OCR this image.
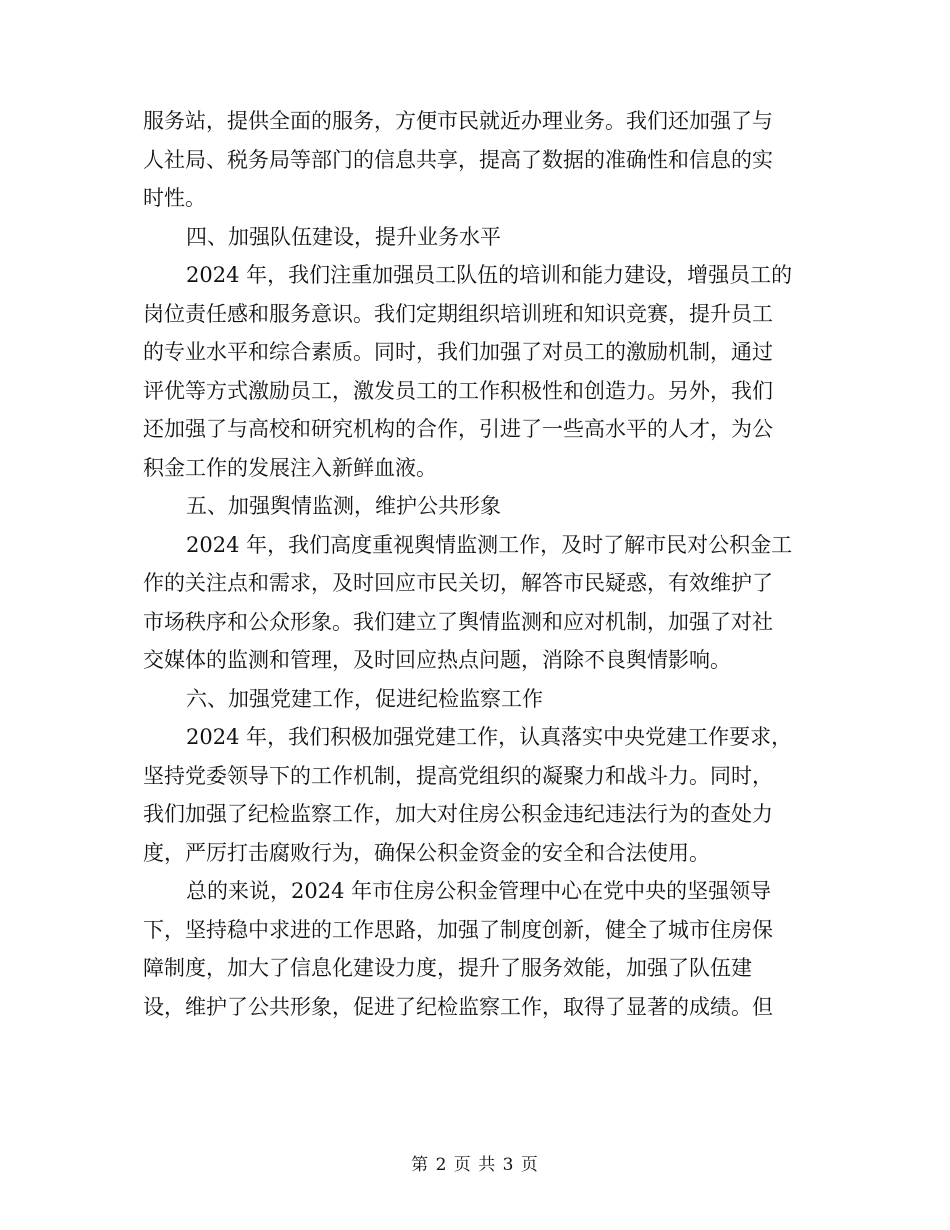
服务站，提供全面的服务，方便市民就近办理业务。我们还加强了与
人社局、税务局等部门的信息共享，提高了数据的准确性和信息的实
时性。
四、加强队伍建设，提升业务水平
2024 年，我们注重加强员工队伍的培训和能力建设，增强员工的
岗位责任感和服务意识。我们定期组织培训班和知识竞赛，提升员工
的专业水平和综合素质。同时，我们加强了对员工的激励机制，通过
评优等方式激励员工，激发员工的工作积极性和创造力。另外，我们
还加强了与高校和研究机构的合作，引进了一些高水平的人才，为公
积金工作的发展注入新鲜血液。
五、加强舆情监测，维护公共形象
2024 年，我们高度重视舆情监测工作，及时了解市民对公积金工
作的关注点和需求，及时回应市民关切，解答市民疑惑，有效维护了
市场秩序和公众形象。我们建立了舆情监测和应对机制，加强了对社
交媒体的监测和管理，及时回应热点问题，消除不良舆情影响。
六、加强党建工作，促进纪检监察工作
2024 年，我们积极加强党建工作，认真落实中央党建工作要求，
坚持党委领导下的工作机制，提高党组织的凝聚力和战斗力。同时，
我们加强了纪检监察工作，加大对住房公积金违纪违法行为的查处力
度，严厉打击腐败行为，确保公积金资金的安全和合法使用。
总的来说，2024 年市住房公积金管理中心在党中央的坚强领导
下，坚持稳中求进的工作思路，加强了制度创新，健全了城市住房保
障制度，加大了信息化建设力度，提升了服务效能，加强了队伍建
设，维护了公共形象，促进了纪检监察工作，取得了显著的成绩。但
第 2 页 共 3 页
